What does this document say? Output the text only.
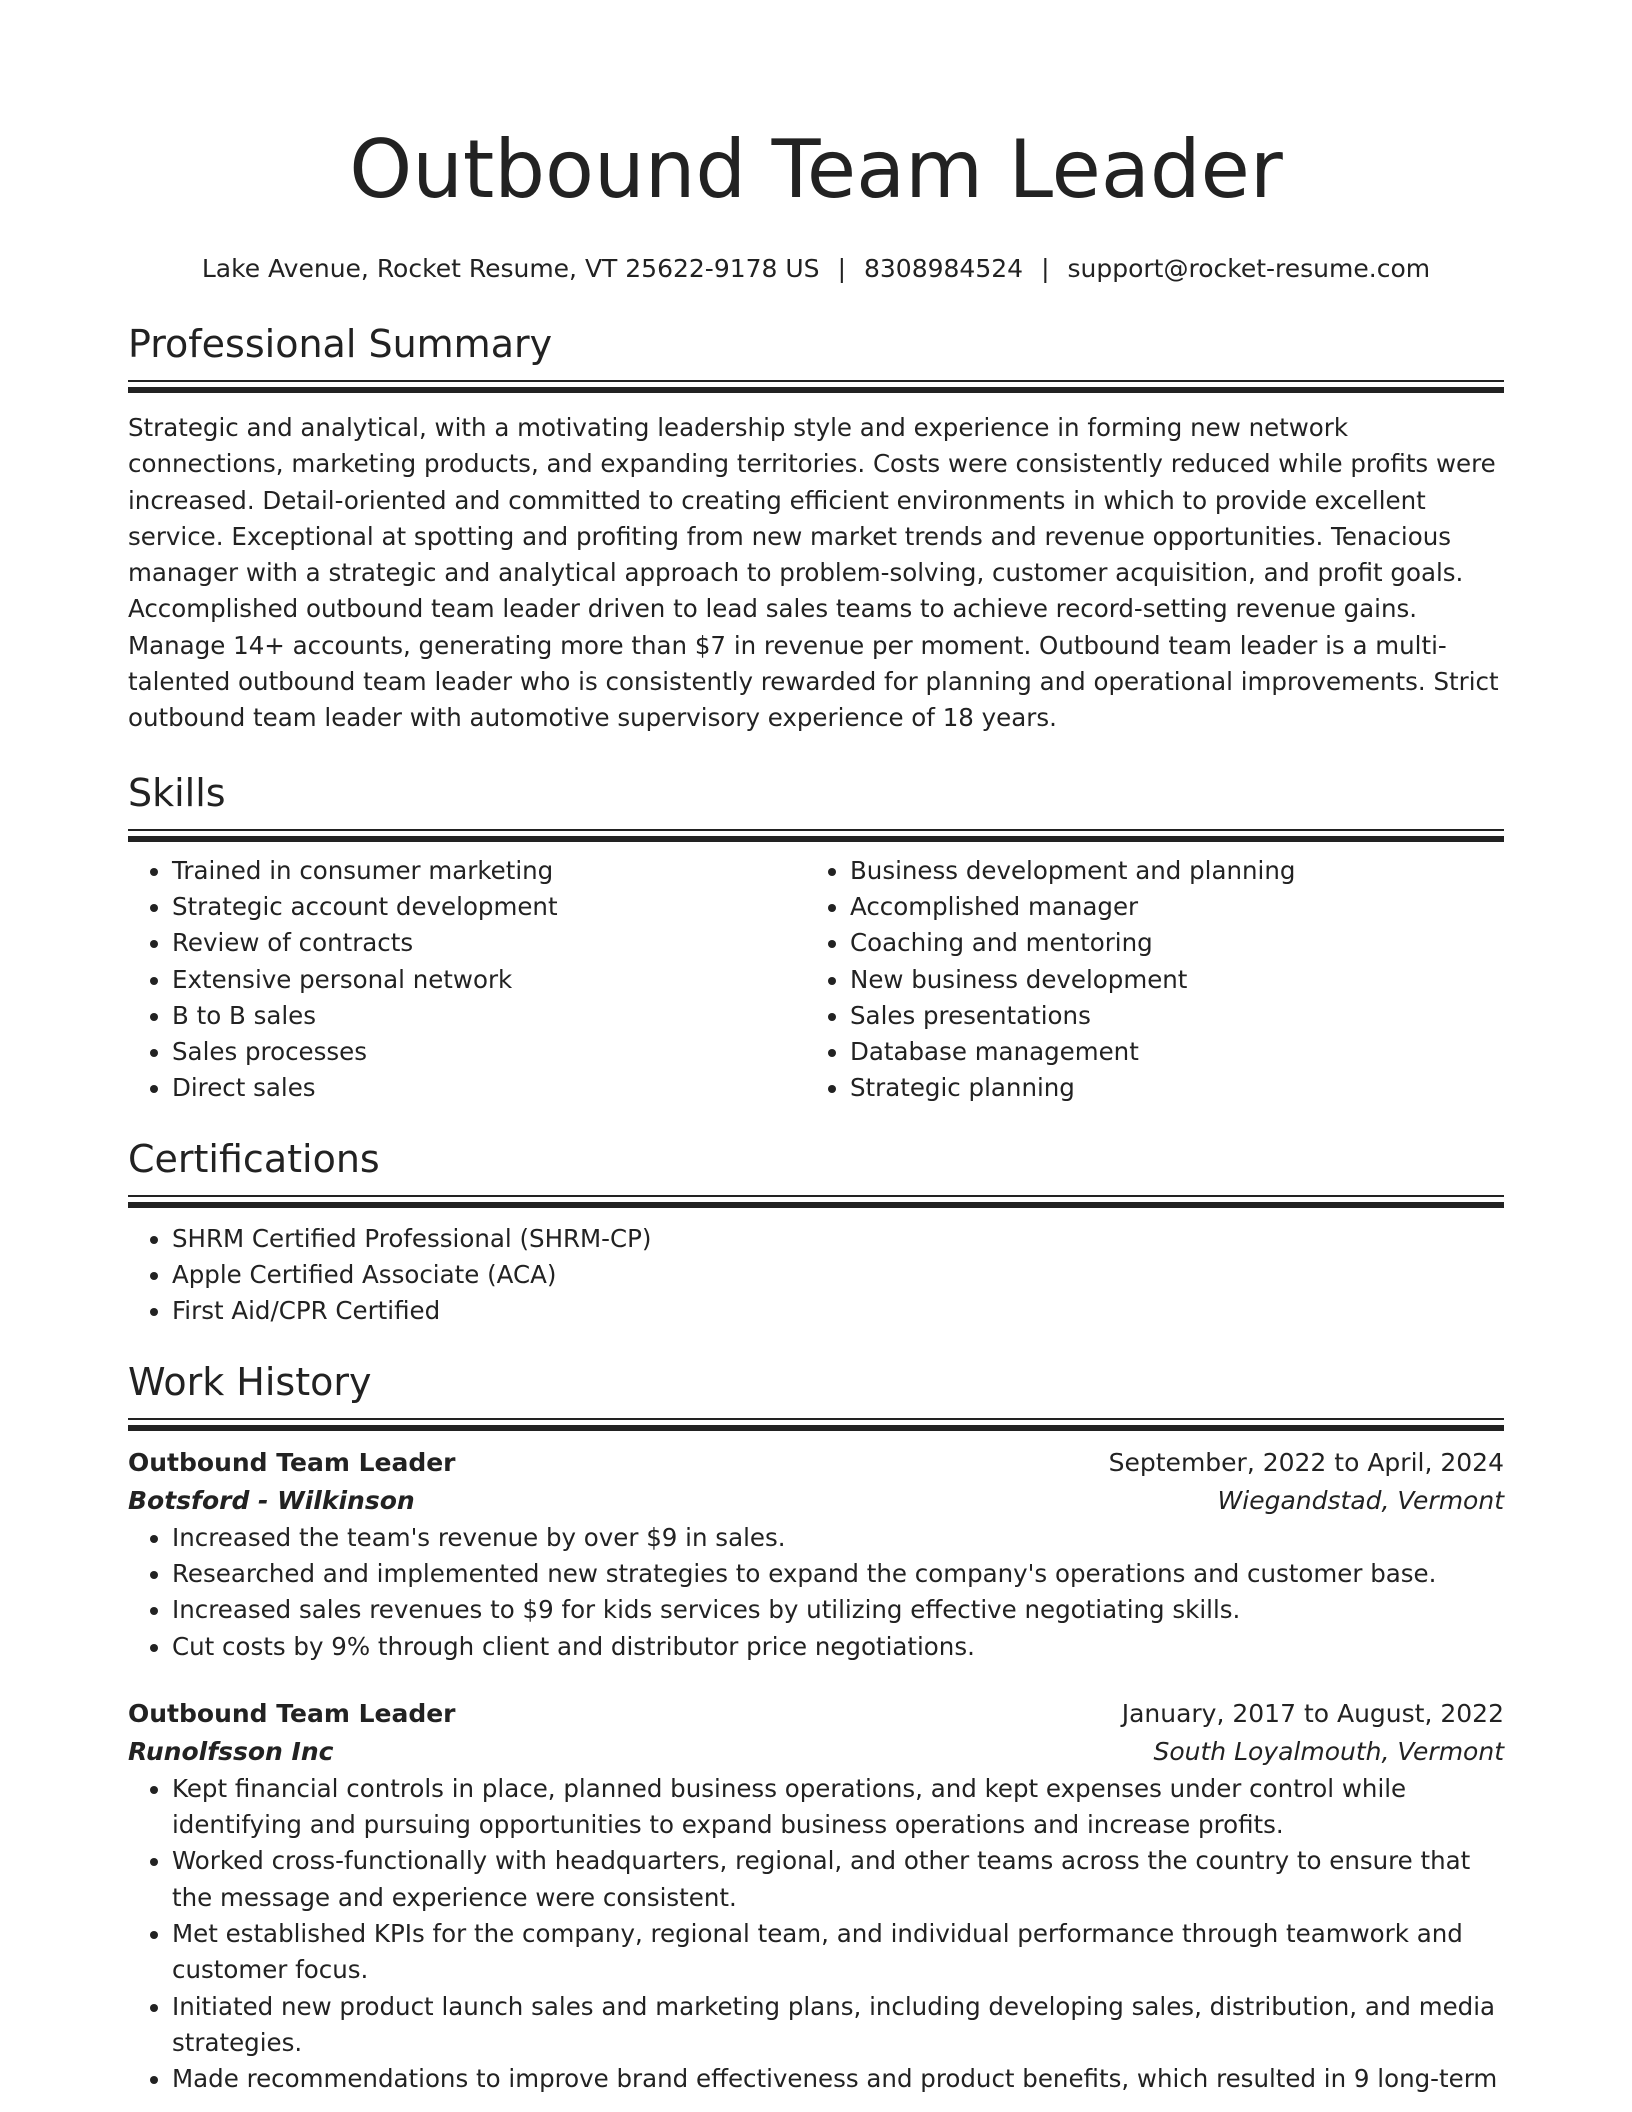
Outbound Team Leader
Lake Avenue, Rocket Resume, VT 25622-9178 US | 8308984524 | support@rocket-resume.com
Professional Summary
Strategic and analytical, with a motivating leadership style and experience in forming new network connections, marketing products, and expanding territories. Costs were consistently reduced while profits were increased. Detail-oriented and committed to creating efficient environments in which to provide excellent service. Exceptional at spotting and profiting from new market trends and revenue opportunities. Tenacious manager with a strategic and analytical approach to problem-solving, customer acquisition, and profit goals. Accomplished outbound team leader driven to lead sales teams to achieve record-setting revenue gains. Manage 14+ accounts, generating more than $7 in revenue per moment. Outbound team leader is a multi-talented outbound team leader who is consistently rewarded for planning and operational improvements. Strict outbound team leader with automotive supervisory experience of 18 years.
Skills
• Trained in consumer marketing
• Strategic account development
• Review of contracts
• Extensive personal network
• B to B sales
• Sales processes
• Direct sales
• Business development and planning
• Accomplished manager
• Coaching and mentoring
• New business development
• Sales presentations
• Database management
• Strategic planning
Certifications
• SHRM Certified Professional (SHRM-CP)
• Apple Certified Associate (ACA)
• First Aid/CPR Certified
Work History
Outbound Team Leader	September, 2022 to April, 2024
Botsford - Wilkinson	Wiegandstad, Vermont
• Increased the team's revenue by over $9 in sales.
• Researched and implemented new strategies to expand the company's operations and customer base.
• Increased sales revenues to $9 for kids services by utilizing effective negotiating skills.
• Cut costs by 9% through client and distributor price negotiations.
Outbound Team Leader	January, 2017 to August, 2022
Runolfsson Inc	South Loyalmouth, Vermont
• Kept financial controls in place, planned business operations, and kept expenses under control while identifying and pursuing opportunities to expand business operations and increase profits.
• Worked cross-functionally with headquarters, regional, and other teams across the country to ensure that the message and experience were consistent.
• Met established KPIs for the company, regional team, and individual performance through teamwork and customer focus.
• Initiated new product launch sales and marketing plans, including developing sales, distribution, and media strategies.
• Made recommendations to improve brand effectiveness and product benefits, which resulted in 9 long-term
